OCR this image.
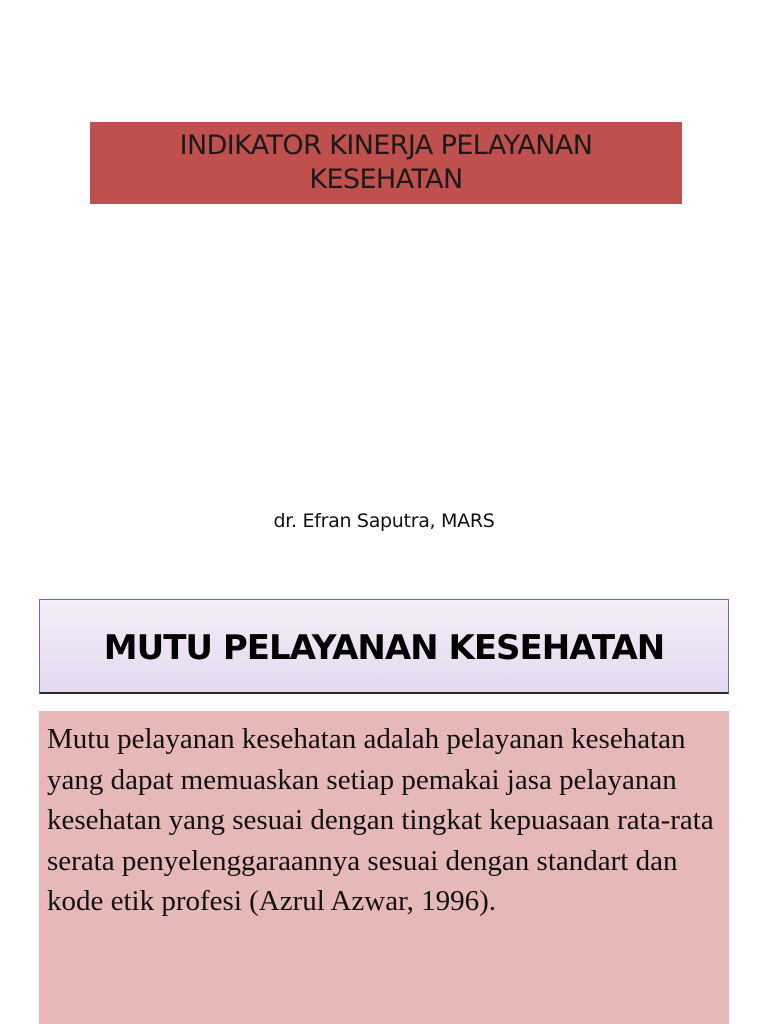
INDIKATOR KINERJA PELAYANAN KESEHATAN
dr. Efran Saputra, MARS
MUTU PELAYANAN KESEHATAN

Mutu pelayanan kesehatan adalah pelayanan kesehatan yang dapat memuaskan setiap pemakai jasa pelayanan kesehatan yang sesuai dengan tingkat kepuasaan rata-rata serata penyelenggaraannya sesuai dengan standart dan kode etik profesi (Azrul Azwar, 1996).
